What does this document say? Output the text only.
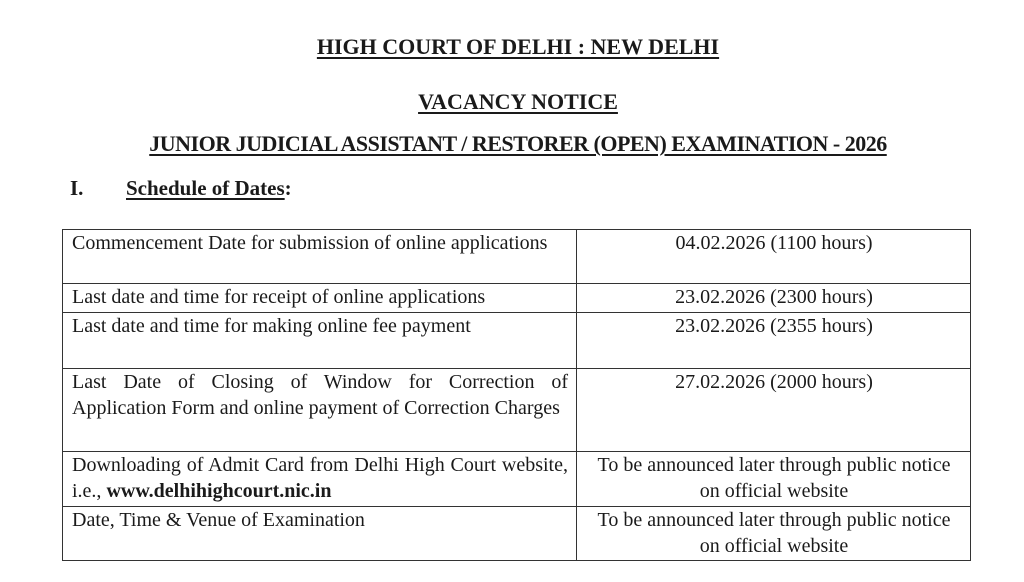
HIGH COURT OF DELHI : NEW DELHI
VACANCY NOTICE
JUNIOR JUDICIAL ASSISTANT / RESTORER (OPEN) EXAMINATION - 2026
I. Schedule of Dates:
Commencement Date for submission of online applications	04.02.2026 (1100 hours)
Last date and time for receipt of online applications	23.02.2026 (2300 hours)
Last date and time for making online fee payment	23.02.2026 (2355 hours)
Last Date of Closing of Window for Correction of Application Form and online payment of Correction Charges	27.02.2026 (2000 hours)
Downloading of Admit Card from Delhi High Court website, i.e., www.delhihighcourt.nic.in	To be announced later through public notice on official website
Date, Time & Venue of Examination	To be announced later through public notice on official website
